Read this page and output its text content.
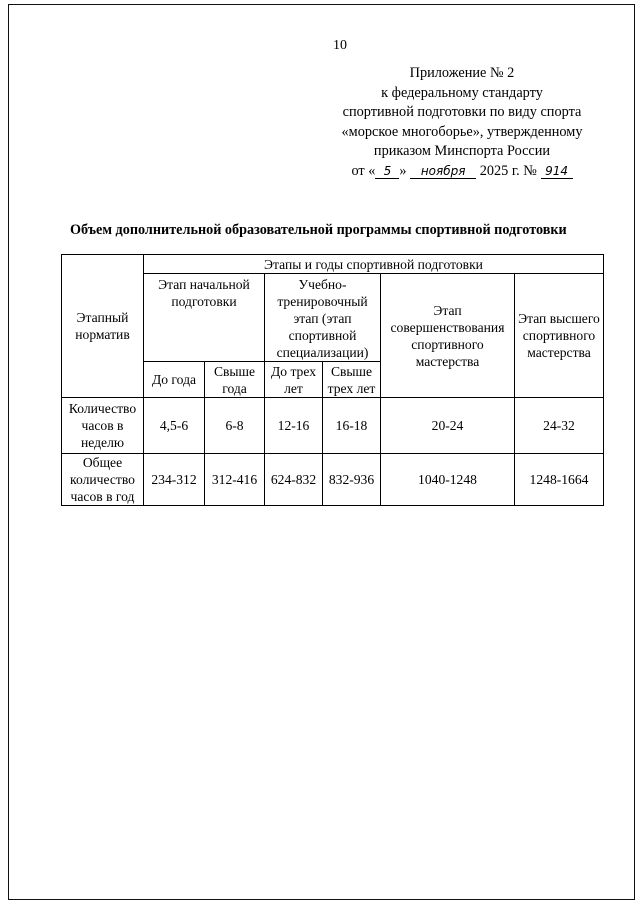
10
Приложение № 2
к федеральному стандарту
спортивной подготовки по виду спорта
«морское многоборье», утвержденному
приказом Минспорта России
от « 5 » ноября 2025 г. № 914
Объем дополнительной образовательной программы спортивной подготовки
Этапный норматив	Этапы и годы спортивной подготовки					
	Этап начальной подготовки		Учебно-тренировочный этап (этап спортивной специализации)		Этап совершенствования спортивного мастерства	Этап высшего спортивного мастерства
	До года	Свыше года	До трех лет	Свыше трех лет		
Количество часов в неделю	4,5-6	6-8	12-16	16-18	20-24	24-32
Общее количество часов в год	234-312	312-416	624-832	832-936	1040-1248	1248-1664
